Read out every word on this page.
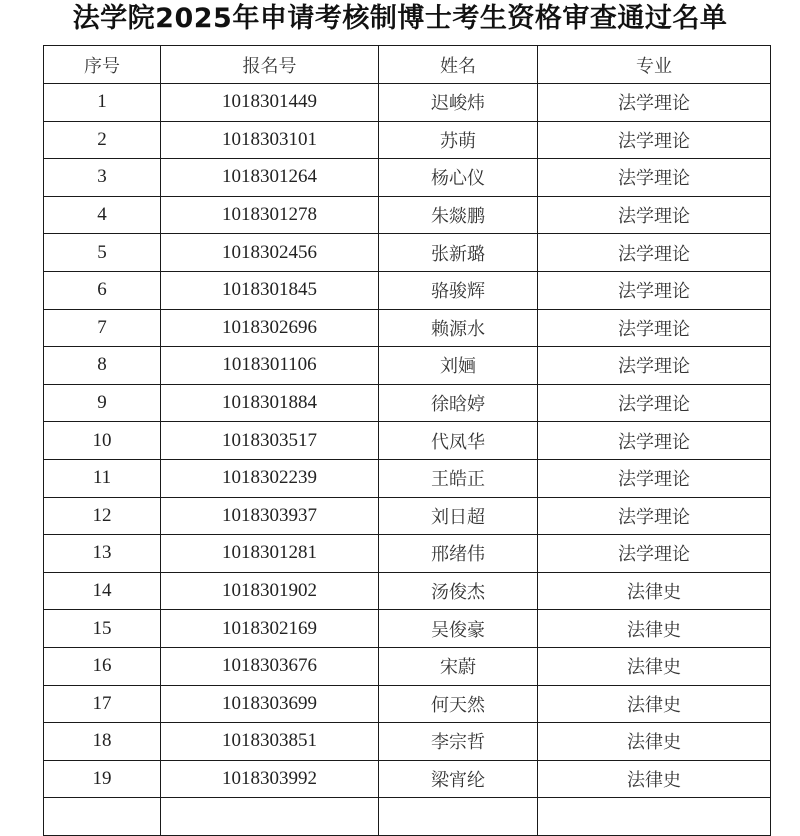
法学院2025年申请考核制博士考生资格审查通过名单
序号	报名号	姓名	专业
1	1018301449	迟峻炜	法学理论
2	1018303101	苏萌	法学理论
3	1018301264	杨心仪	法学理论
4	1018301278	朱燚鹏	法学理论
5	1018302456	张新璐	法学理论
6	1018301845	骆骏辉	法学理论
7	1018302696	赖源水	法学理论
8	1018301106	刘婳	法学理论
9	1018301884	徐晗婷	法学理论
10	1018303517	代凤华	法学理论
11	1018302239	王皓正	法学理论
12	1018303937	刘日超	法学理论
13	1018301281	邢绪伟	法学理论
14	1018301902	汤俊杰	法律史
15	1018302169	吴俊豪	法律史
16	1018303676	宋蔚	法律史
17	1018303699	何天然	法律史
18	1018303851	李宗哲	法律史
19	1018303992	梁宵纶	法律史
